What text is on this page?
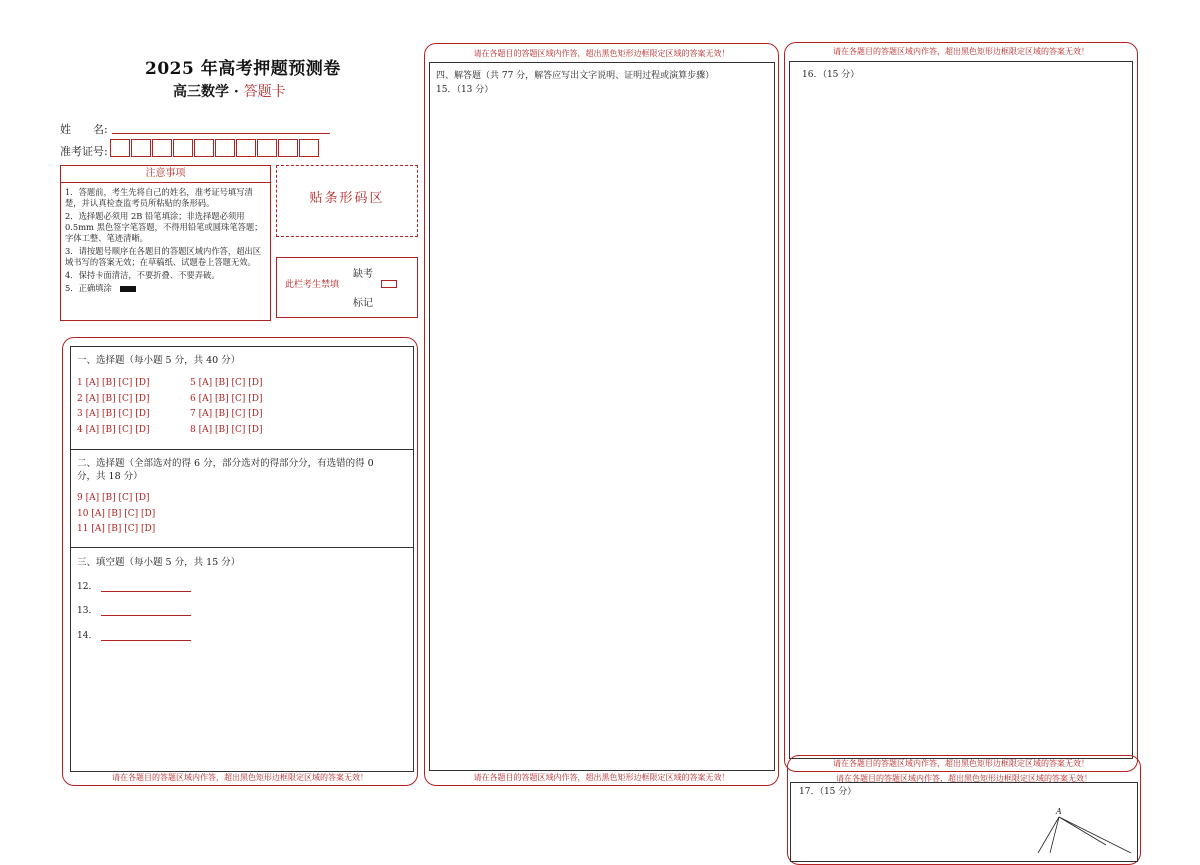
2025 年高考押题预测卷
高三数学 · 答题卡
姓　　名:
准考证号:
注意事项
1．答题前，考生先将自己的姓名，准考证号填写清楚，并认真检查监考员所粘贴的条形码。
2．选择题必须用 2B 铅笔填涂；非选择题必须用 0.5mm 黑色签字笔答题，不得用铅笔或圆珠笔答题；字体工整、笔迹清晰。
3．请按题号顺序在各题目的答题区域内作答，超出区域书写的答案无效；在草稿纸、试题卷上答题无效。
4．保持卡面清洁，不要折叠、不要弄破。
5．正确填涂
贴条形码区
此栏考生禁填
缺考
标记
请在各题目的答题区域内作答，超出黑色矩形边框限定区域的答案无效！
一、选择题（每小题 5 分，共 40 分）
1 [A] [B] [C] [D]
2 [A] [B] [C] [D]
3 [A] [B] [C] [D]
4 [A] [B] [C] [D]
5 [A] [B] [C] [D]
6 [A] [B] [C] [D]
7 [A] [B] [C] [D]
8 [A] [B] [C] [D]
二、选择题（全部选对的得 6 分，部分选对的得部分分，有选错的得 0
分，共 18 分）
9 [A] [B] [C] [D]
10 [A] [B] [C] [D]
11 [A] [B] [C] [D]
三、填空题（每小题 5 分，共 15 分）
12．
13．
14．
请在各题目的答题区域内作答，超出黑色矩形边框限定区域的答案无效！
请在各题目的答题区域内作答，超出黑色矩形边框限定区域的答案无效！
四、解答题（共 77 分，解答应写出文字说明、证明过程或演算步骤）
15．（13 分）
请在各题目的答题区域内作答，超出黑色矩形边框限定区域的答案无效！
16．（15 分）
请在各题目的答题区域内作答，超出黑色矩形边框限定区域的答案无效！
请在各题目的答题区域内作答，超出黑色矩形边框限定区域的答案无效！
17．（15 分）
A
